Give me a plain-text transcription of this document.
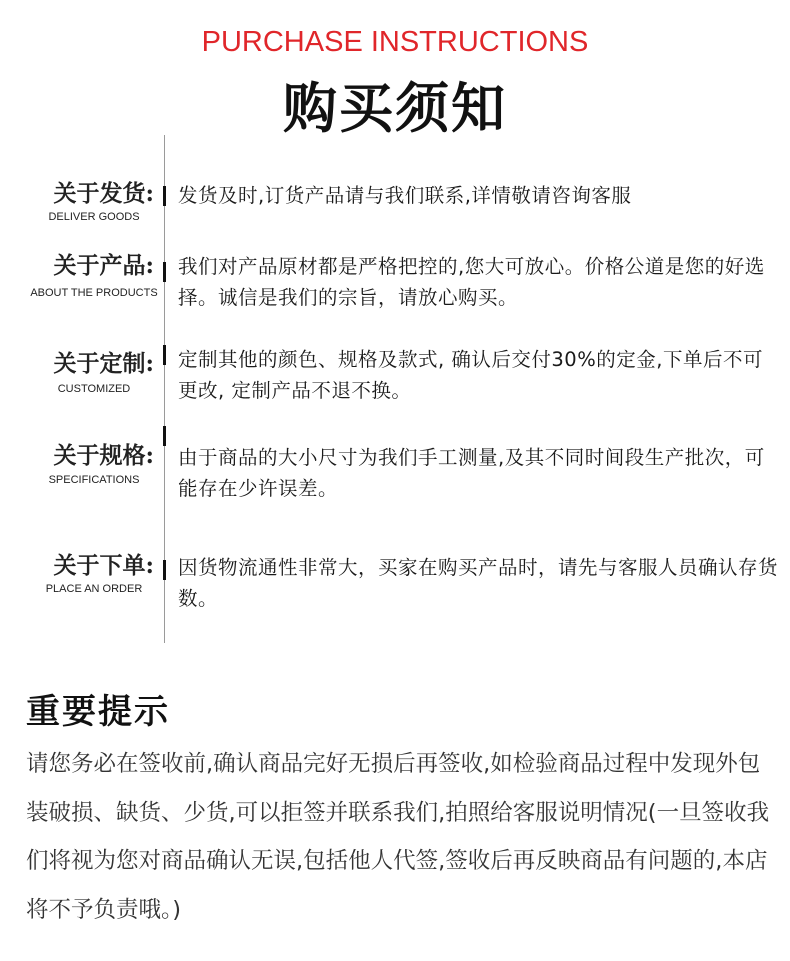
PURCHASE INSTRUCTIONS
购买须知
关于发货:
DELIVER GOODS
发货及时,订货产品请与我们联系,详情敬请咨询客服
关于产品:
ABOUT THE PRODUCTS
我们对产品原材都是严格把控的,您大可放心。价格公道是您的好选择。诚信是我们的宗旨，请放心购买。
关于定制:
CUSTOMIZED
定制其他的颜色、规格及款式, 确认后交付30%的定金,下单后不可更改, 定制产品不退不换。
关于规格:
SPECIFICATIONS
由于商品的大小尺寸为我们手工测量,及其不同时间段生产批次，可能存在少许误差。
关于下单:
PLACE AN ORDER
因货物流通性非常大，买家在购买产品时，请先与客服人员确认存货数。
重要提示
请您务必在签收前,确认商品完好无损后再签收,如检验商品过程中发现外包装破损、缺货、少货,可以拒签并联系我们,拍照给客服说明情况(一旦签收我们将视为您对商品确认无误,包括他人代签,签收后再反映商品有问题的,本店将不予负责哦。)
